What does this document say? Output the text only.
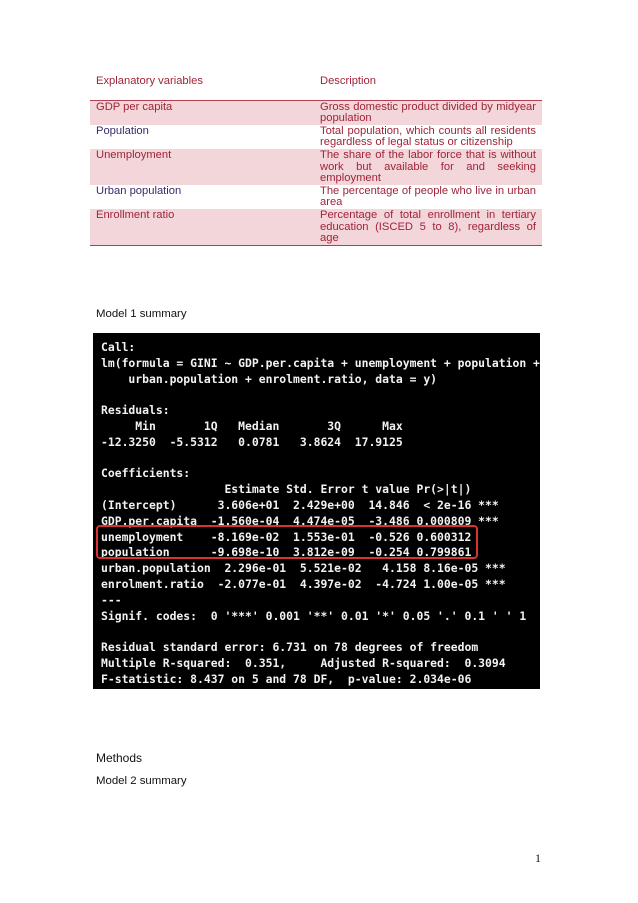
Explanatory variables	Description
GDP per capita	Gross domestic product divided by midyear population
Population	Total population, which counts all residents regardless of legal status or citizenship
Unemployment	The share of the labor force that is without work but available for and seeking employment
Urban population	The percentage of people who live in urban area
Enrollment ratio	Percentage of total enrollment in tertiary education (ISCED 5 to 8), regardless of age
Model 1 summary
Call:
lm(formula = GINI ~ GDP.per.capita + unemployment + population +
urban.population + enrolment.ratio, data = y)
Residuals:
Min       1Q   Median       3Q      Max
-12.3250  -5.5312   0.0781   3.8624  17.9125
Coefficients:
Estimate Std. Error t value Pr(>|t|)
(Intercept)      3.606e+01  2.429e+00  14.846  < 2e-16 ***
GDP.per.capita  -1.560e-04  4.474e-05  -3.486 0.000809 ***
unemployment    -8.169e-02  1.553e-01  -0.526 0.600312
population      -9.698e-10  3.812e-09  -0.254 0.799861
urban.population  2.296e-01  5.521e-02   4.158 8.16e-05 ***
enrolment.ratio  -2.077e-01  4.397e-02  -4.724 1.00e-05 ***
---
Signif. codes:  0 '***' 0.001 '**' 0.01 '*' 0.05 '.' 0.1 ' ' 1
Residual standard error: 6.731 on 78 degrees of freedom
Multiple R-squared:  0.351,     Adjusted R-squared:  0.3094
F-statistic: 8.437 on 5 and 78 DF,  p-value: 2.034e-06
Methods
Model 2 summary
1
